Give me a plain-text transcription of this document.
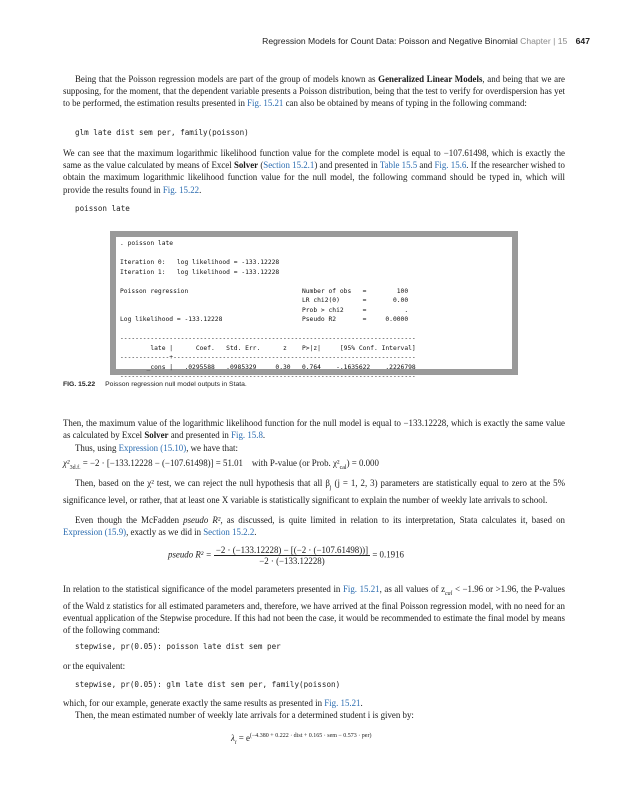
Regression Models for Count Data: Poisson and Negative Binomial Chapter | 15 647
Being that the Poisson regression models are part of the group of models known as Generalized Linear Models, and being that we are supposing, for the moment, that the dependent variable presents a Poisson distribution, being that the test to verify for overdispersion has yet to be performed, the estimation results presented in Fig. 15.21 can also be obtained by means of typing in the following command:
glm late dist sem per, family(poisson)
We can see that the maximum logarithmic likelihood function value for the complete model is equal to −107.61498, which is exactly the same as the value calculated by means of Excel Solver (Section 15.2.1) and presented in Table 15.5 and Fig. 15.6. If the researcher wished to obtain the maximum logarithmic likelihood function value for the null model, the following command should be typed in, which will provide the results found in Fig. 15.22.
poisson late
. poisson late

Iteration 0:   log likelihood = -133.12228
Iteration 1:   log likelihood = -133.12228

Poisson regression                              Number of obs   =        100
LR chi2(0)      =       0.00
Prob > chi2     =          .
Log likelihood = -133.12228                     Pseudo R2       =     0.0000

------------------------------------------------------------------------------
late |      Coef.   Std. Err.      z    P>|z|     [95% Conf. Interval]
-------------+----------------------------------------------------------------
_cons |   .0295588   .0985329     0.30   0.764    -.1635622    .2226798
------------------------------------------------------------------------------
FIG. 15.22 Poisson regression null model outputs in Stata.
Then, the maximum value of the logarithmic likelihood function for the null model is equal to −133.12228, which is exactly the same value as calculated by Excel Solver and presented in Fig. 15.8.
Thus, using Expression (15.10), we have that:
$\chi^2_{3d.f.} = -2 \cdot [-133.12228 - (-107.61498)] = 51.01$ with P-value (or Prob. $\chi^2_{cal}) = 0.000$
Then, based on the χ² test, we can reject the null hypothesis that all $\beta_j$ (j = 1, 2, 3) parameters are statistically equal to zero at the 5% significance level, or rather, that at least one X variable is statistically significant to explain the number of weekly late arrivals to school.
Even though the McFadden pseudo R², as discussed, is quite limited in relation to its interpretation, Stata calculates it, based on Expression (15.9), exactly as we did in Section 15.2.2.
pseudo $R^2 = \frac{-2 \cdot (-133.12228) - [(-2 \cdot (-107.61498))]}{-2 \cdot (-133.12228)} = 0.1916$
In relation to the statistical significance of the model parameters presented in Fig. 15.21, as all values of $z_{cal} < -1.96$ or >1.96, the P-values of the Wald z statistics for all estimated parameters and, therefore, we have arrived at the final Poisson regression model, with no need for an eventual application of the Stepwise procedure. If this had not been the case, it would be recommended to estimate the final model by means of the following command:
stepwise, pr(0.05): poisson late dist sem per
or the equivalent:
stepwise, pr(0.05): glm late dist sem per, family(poisson)
which, for our example, generate exactly the same results as presented in Fig. 15.21.
Then, the mean estimated number of weekly late arrivals for a determined student i is given by:
$\lambda_i = e^{(-4.380 + 0.222 \cdot dist + 0.165 \cdot sem - 0.573 \cdot per)}$
